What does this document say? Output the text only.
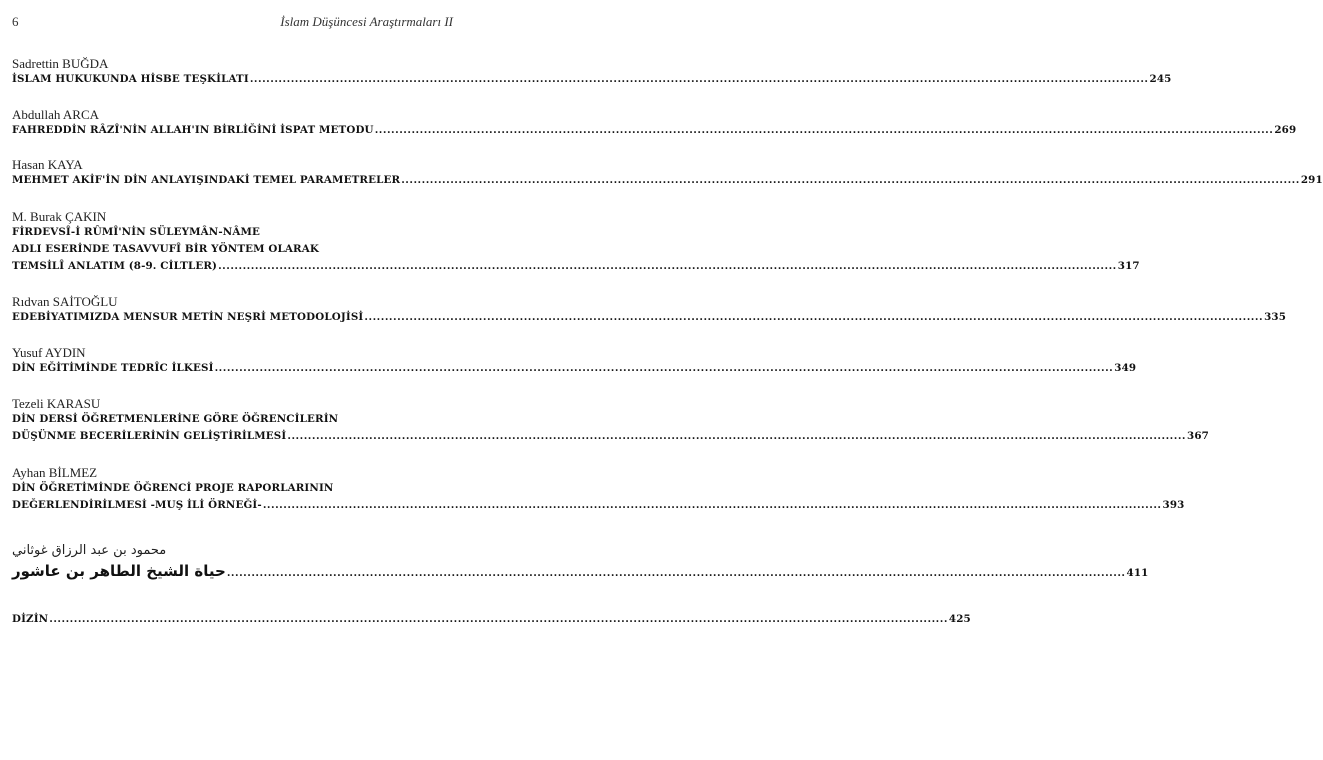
6	İslam Düşüncesi Araştırmaları II
Sadrettin BUĞDA
İSLAM HUKUKUNDA HİSBE TEŞKİLATI ............................................................................................................................................................................................................................ 245
Abdullah ARCA
FAHREDDİN RÂZÎ'NİN ALLAH'IN BİRLİĞİNİ İSPAT METODU ............................................................................................................................................................................................................................ 269
Hasan KAYA
MEHMET AKİF'İN DİN ANLAYIŞINDAKİ TEMEL PARAMETRELER ............................................................................................................................................................................................................................ 291
M. Burak ÇAKIN
FİRDEVSÎ-İ RÛMÎ'NİN SÜLEYMÂN-NÂME
ADLI ESERİNDE TASAVVUFÎ BİR YÖNTEM OLARAK
TEMSİLÎ ANLATIM (8-9. CİLTLER) ............................................................................................................................................................................................................................ 317
Rıdvan SAİTOĞLU
EDEBİYATIMIZDA MENSUR METİN NEŞRİ METODOLOJİSİ ............................................................................................................................................................................................................................ 335
Yusuf AYDIN
DİN EĞİTİMİNDE TEDRÎC İLKESİ ............................................................................................................................................................................................................................ 349
Tezeli KARASU
DİN DERSİ ÖĞRETMENLERİNE GÖRE ÖĞRENCİLERİN
DÜŞÜNME BECERİLERİNİN GELİŞTİRİLMESİ ............................................................................................................................................................................................................................ 367
Ayhan BİLMEZ
DİN ÖĞRETİMİNDE ÖĞRENCİ PROJE RAPORLARININ
DEĞERLENDİRİLMESİ -MUŞ İLİ ÖRNEĞİ- ............................................................................................................................................................................................................................ 393
محمود بن عبد الرزاق غوثاني
حياة الشيخ الطاهر بن عاشور ............................................................................................................................................................................................................................ 411
DİZİN ............................................................................................................................................................................................................................ 425
